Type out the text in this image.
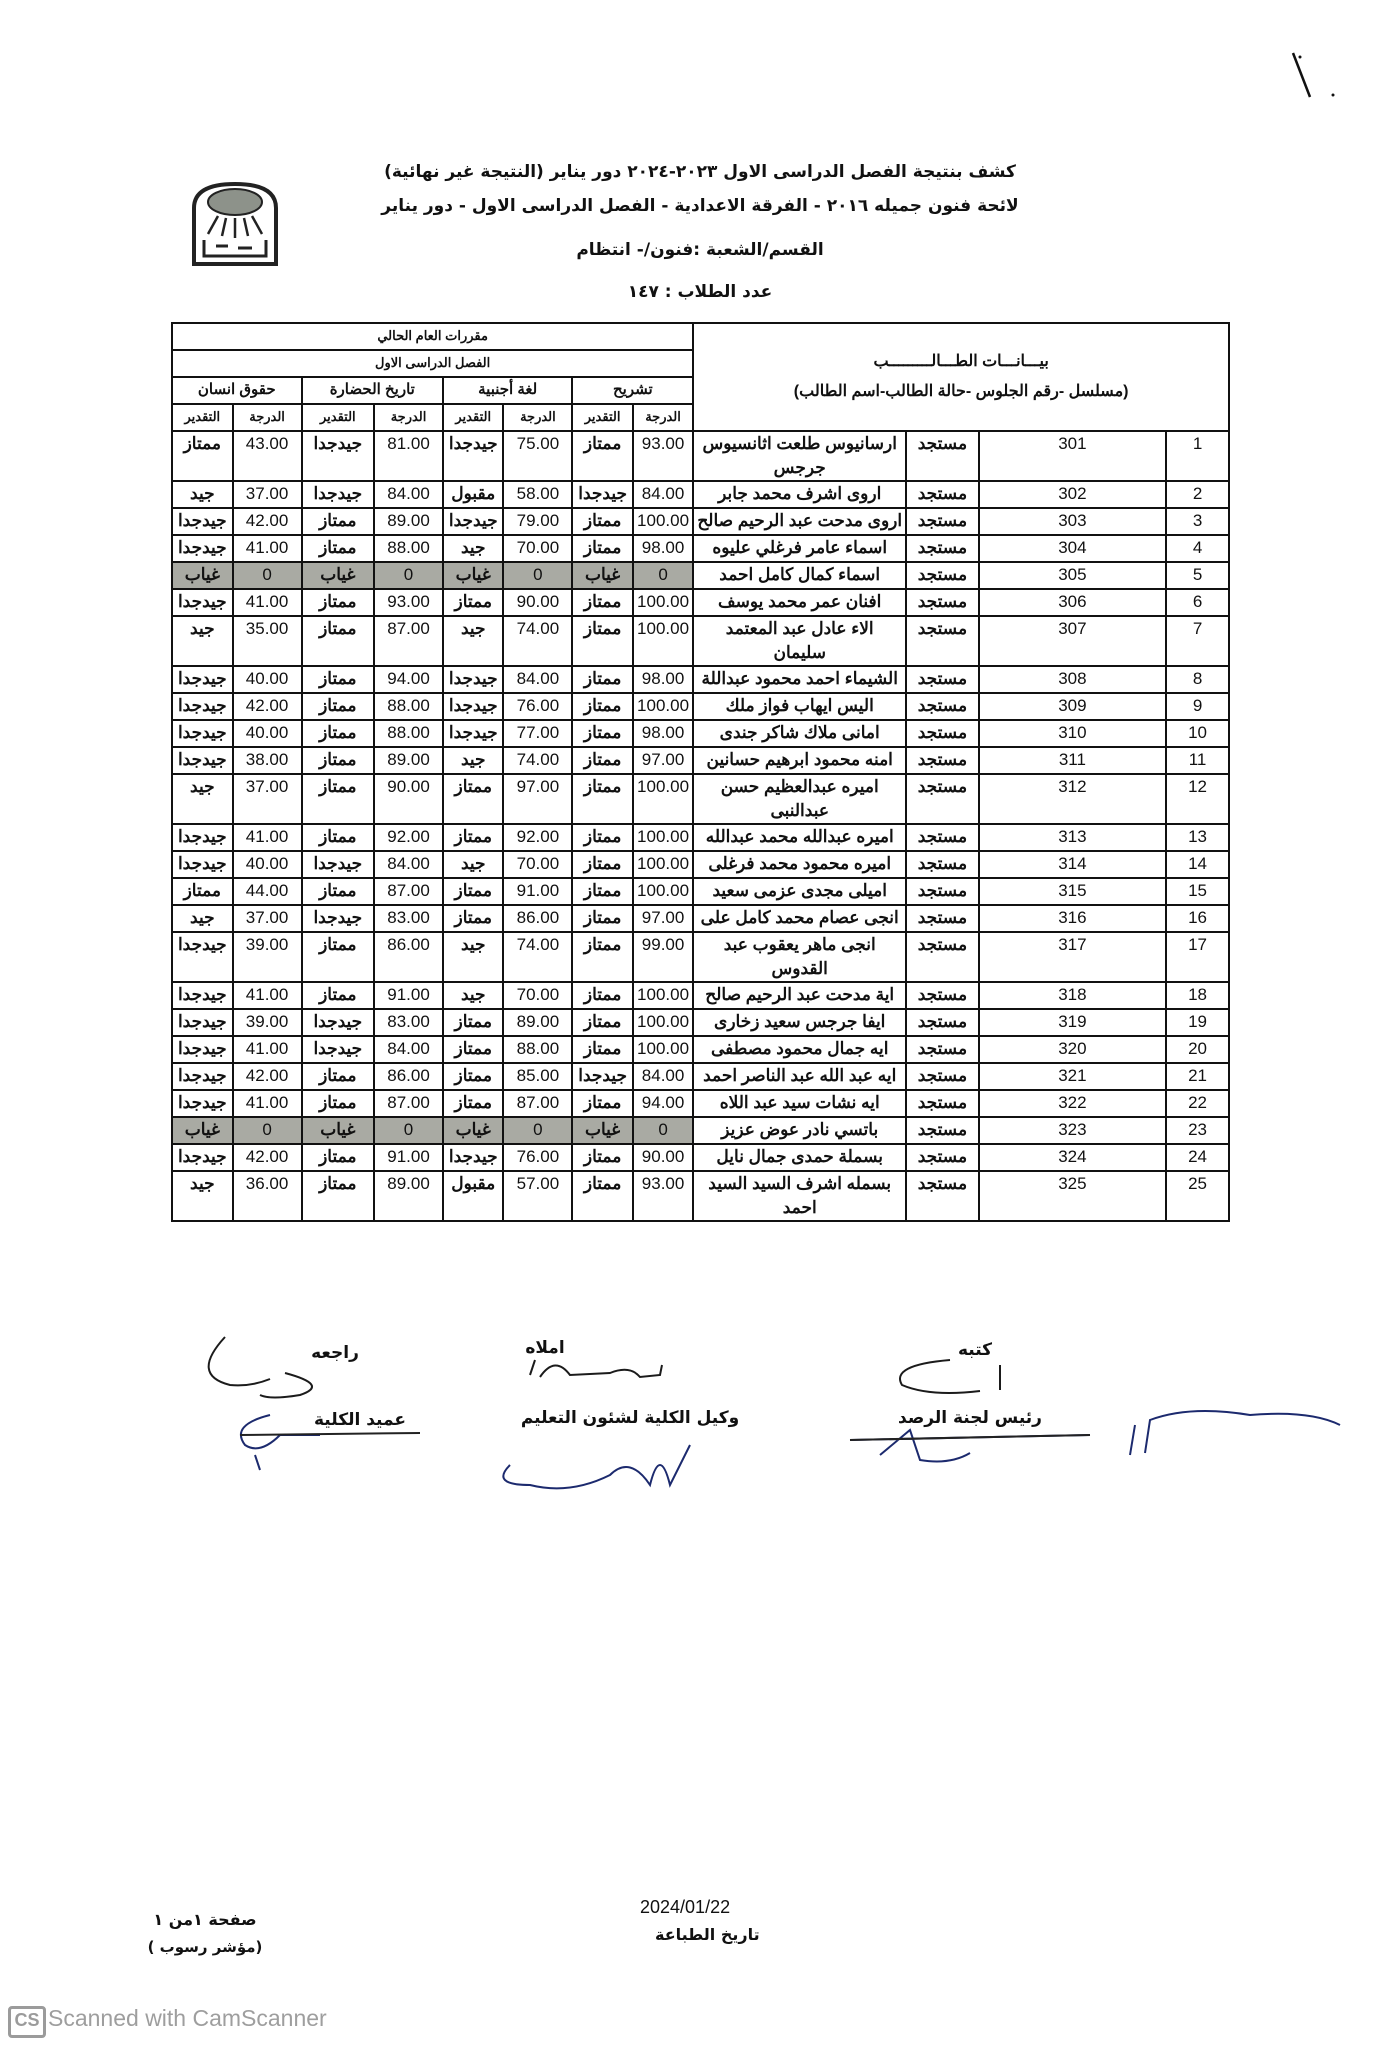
كشف بنتيجة الفصل الدراسى الاول ٢٠٢٣-٢٠٢٤ دور يناير (النتيجة غير نهائية)
لائحة فنون جميله ٢٠١٦ - الفرقة الاعدادية - الفصل الدراسى الاول - دور يناير
القسم/الشعبة :فنون/- انتظام
عدد الطلاب : ١٤٧
بيـــانـــات الطـــالـــــــــب
(مسلسل -رقم الجلوس -حالة الطالب-اسم الطالب)				مقررات العام الحالي							
				الفصل الدراسى الاول							
				تشريح		لغة أجنبية		تاريخ الحضارة		حقوق انسان	
				الدرجة	التقدير	الدرجة	التقدير	الدرجة	التقدير	الدرجة	التقدير
1	301	مستجد	ارسانيوس طلعت اثانسيوس جرجس	93.00	ممتاز	75.00	جيدجدا	81.00	جيدجدا	43.00	ممتاز
2	302	مستجد	اروى اشرف محمد جابر	84.00	جيدجدا	58.00	مقبول	84.00	جيدجدا	37.00	جيد
3	303	مستجد	اروى مدحت عبد الرحيم صالح	100.00	ممتاز	79.00	جيدجدا	89.00	ممتاز	42.00	جيدجدا
4	304	مستجد	اسماء عامر فرغلي عليوه	98.00	ممتاز	70.00	جيد	88.00	ممتاز	41.00	جيدجدا
5	305	مستجد	اسماء كمال كامل احمد	0	غياب	0	غياب	0	غياب	0	غياب
6	306	مستجد	افنان عمر محمد يوسف	100.00	ممتاز	90.00	ممتاز	93.00	ممتاز	41.00	جيدجدا
7	307	مستجد	الاء عادل عبد المعتمد سليمان	100.00	ممتاز	74.00	جيد	87.00	ممتاز	35.00	جيد
8	308	مستجد	الشيماء احمد محمود عبداللة	98.00	ممتاز	84.00	جيدجدا	94.00	ممتاز	40.00	جيدجدا
9	309	مستجد	اليس ايهاب فواز ملك	100.00	ممتاز	76.00	جيدجدا	88.00	ممتاز	42.00	جيدجدا
10	310	مستجد	امانى ملاك شاكر جندى	98.00	ممتاز	77.00	جيدجدا	88.00	ممتاز	40.00	جيدجدا
11	311	مستجد	امنه محمود ابرهيم حسانين	97.00	ممتاز	74.00	جيد	89.00	ممتاز	38.00	جيدجدا
12	312	مستجد	اميره عبدالعظيم حسن عبدالنبى	100.00	ممتاز	97.00	ممتاز	90.00	ممتاز	37.00	جيد
13	313	مستجد	اميره عبدالله محمد عبدالله	100.00	ممتاز	92.00	ممتاز	92.00	ممتاز	41.00	جيدجدا
14	314	مستجد	اميره محمود محمد فرغلى	100.00	ممتاز	70.00	جيد	84.00	جيدجدا	40.00	جيدجدا
15	315	مستجد	اميلى مجدى عزمى سعيد	100.00	ممتاز	91.00	ممتاز	87.00	ممتاز	44.00	ممتاز
16	316	مستجد	انجى عصام محمد كامل على	97.00	ممتاز	86.00	ممتاز	83.00	جيدجدا	37.00	جيد
17	317	مستجد	انجى ماهر يعقوب عبد القدوس	99.00	ممتاز	74.00	جيد	86.00	ممتاز	39.00	جيدجدا
18	318	مستجد	اية مدحت عبد الرحيم صالح	100.00	ممتاز	70.00	جيد	91.00	ممتاز	41.00	جيدجدا
19	319	مستجد	ايفا جرجس سعيد زخارى	100.00	ممتاز	89.00	ممتاز	83.00	جيدجدا	39.00	جيدجدا
20	320	مستجد	ايه جمال محمود مصطفى	100.00	ممتاز	88.00	ممتاز	84.00	جيدجدا	41.00	جيدجدا
21	321	مستجد	ايه عبد الله عبد الناصر احمد	84.00	جيدجدا	85.00	ممتاز	86.00	ممتاز	42.00	جيدجدا
22	322	مستجد	ايه نشات سيد عبد اللاه	94.00	ممتاز	87.00	ممتاز	87.00	ممتاز	41.00	جيدجدا
23	323	مستجد	باتسي نادر عوض عزيز	0	غياب	0	غياب	0	غياب	0	غياب
24	324	مستجد	بسملة حمدى جمال نايل	90.00	ممتاز	76.00	جيدجدا	91.00	ممتاز	42.00	جيدجدا
25	325	مستجد	بسمله اشرف السيد السيد احمد	93.00	ممتاز	57.00	مقبول	89.00	ممتاز	36.00	جيد
كتبه
املاه
راجعه
رئيس لجنة الرصد
وكيل الكلية لشئون التعليم
عميد الكلية
2024/01/22
تاريخ الطباعة
صفحة ١من ١
(مؤشر رسوب )
CS Scanned with CamScanner
